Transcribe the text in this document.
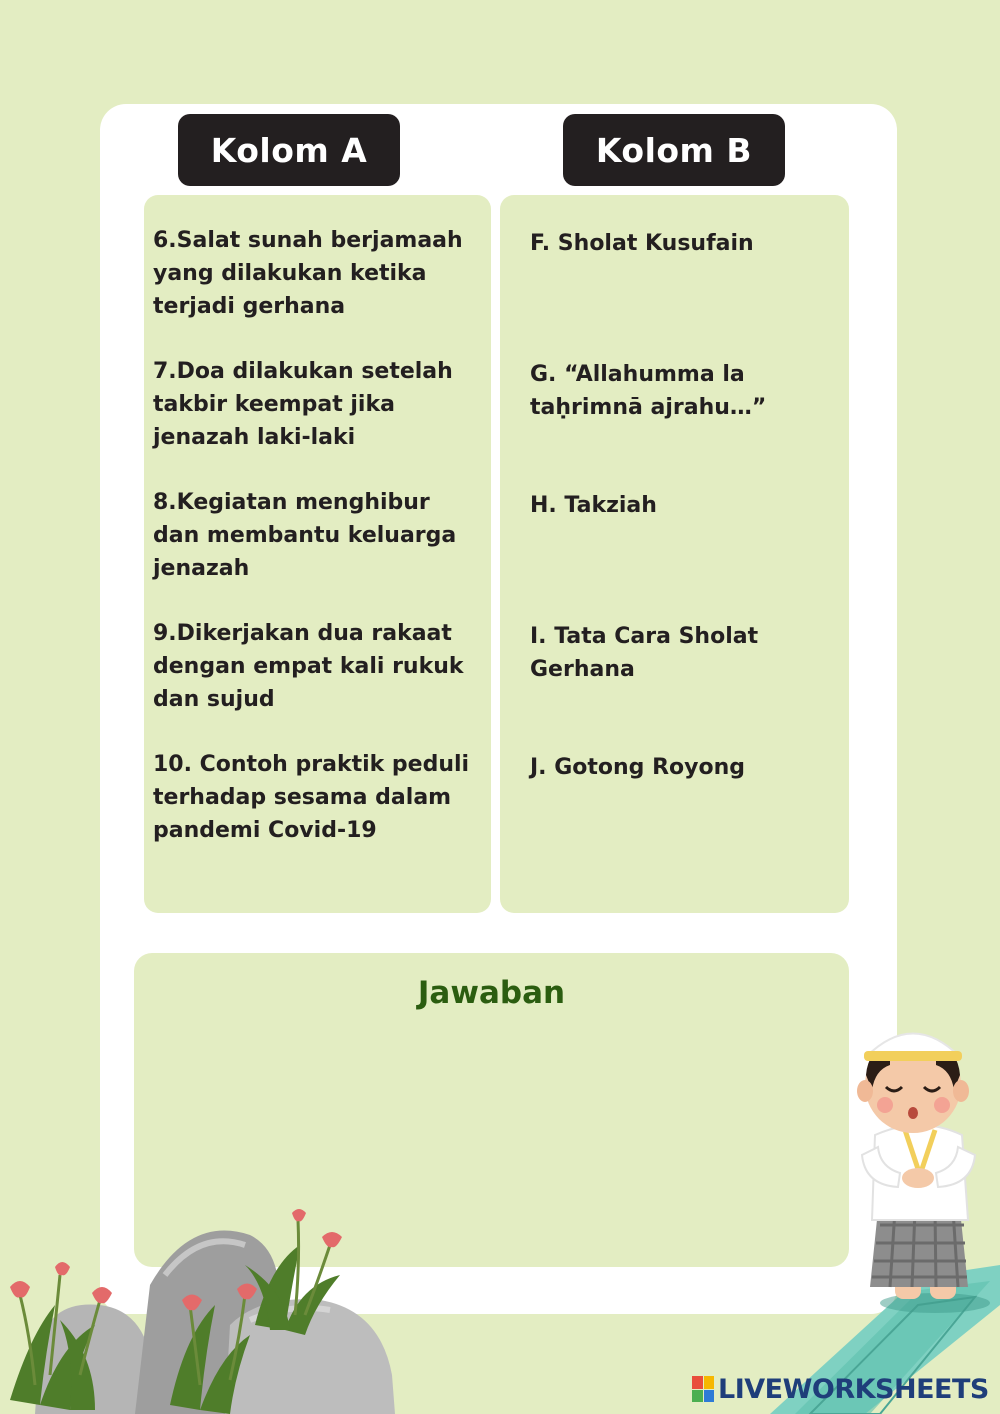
Kolom A	Kolom B

6.Salat sunah berjamaah
yang dilakukan ketika
terjadi gerhana

7.Doa dilakukan setelah
takbir keempat jika
jenazah laki-laki

8.Kegiatan menghibur
dan membantu keluarga
jenazah

9.Dikerjakan dua rakaat
dengan empat kali rukuk
dan sujud

10. Contoh praktik peduli
terhadap sesama dalam
pandemi Covid-19

F. Sholat Kusufain

G. “Allahumma la
taḥrimnā ajrahu…”

H. Takziah

I. Tata Cara Sholat
Gerhana

J. Gotong Royong

Jawaban

LIVEWORKSHEETS
